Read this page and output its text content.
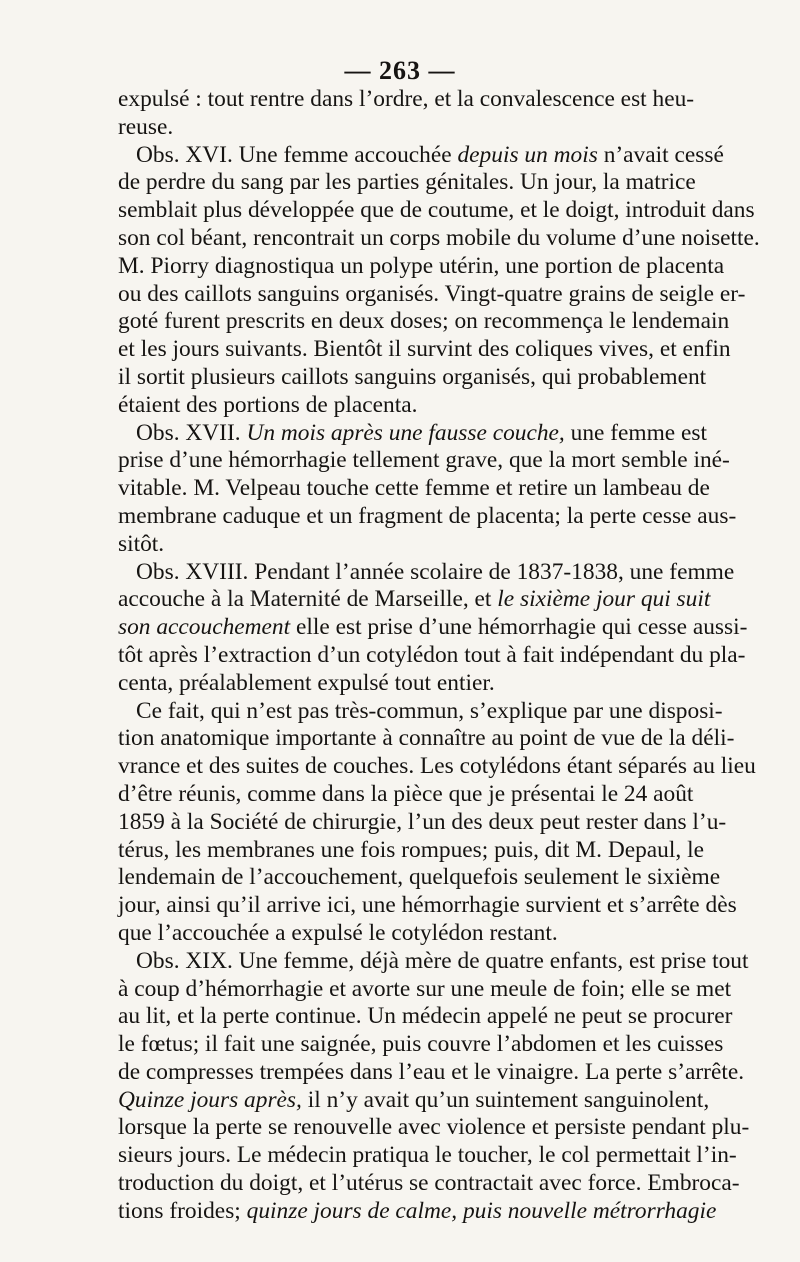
— 263 —
expulsé : tout rentre dans l’ordre, et la convalescence est heu-
reuse.
Obs. XVI. Une femme accouchée depuis un mois n’avait cessé
de perdre du sang par les parties génitales. Un jour, la matrice
semblait plus développée que de coutume, et le doigt, introduit dans
son col béant, rencontrait un corps mobile du volume d’une noisette.
M. Piorry diagnostiqua un polype utérin, une portion de placenta
ou des caillots sanguins organisés. Vingt-quatre grains de seigle er-
goté furent prescrits en deux doses; on recommença le lendemain
et les jours suivants. Bientôt il survint des coliques vives, et enfin
il sortit plusieurs caillots sanguins organisés, qui probablement
étaient des portions de placenta.
Obs. XVII. Un mois après une fausse couche, une femme est
prise d’une hémorrhagie tellement grave, que la mort semble iné-
vitable. M. Velpeau touche cette femme et retire un lambeau de
membrane caduque et un fragment de placenta; la perte cesse aus-
sitôt.
Obs. XVIII. Pendant l’année scolaire de 1837-1838, une femme
accouche à la Maternité de Marseille, et le sixième jour qui suit
son accouchement elle est prise d’une hémorrhagie qui cesse aussi-
tôt après l’extraction d’un cotylédon tout à fait indépendant du pla-
centa, préalablement expulsé tout entier.
Ce fait, qui n’est pas très-commun, s’explique par une disposi-
tion anatomique importante à connaître au point de vue de la déli-
vrance et des suites de couches. Les cotylédons étant séparés au lieu
d’être réunis, comme dans la pièce que je présentai le 24 août
1859 à la Société de chirurgie, l’un des deux peut rester dans l’u-
térus, les membranes une fois rompues; puis, dit M. Depaul, le
lendemain de l’accouchement, quelquefois seulement le sixième
jour, ainsi qu’il arrive ici, une hémorrhagie survient et s’arrête dès
que l’accouchée a expulsé le cotylédon restant.
Obs. XIX. Une femme, déjà mère de quatre enfants, est prise tout
à coup d’hémorrhagie et avorte sur une meule de foin; elle se met
au lit, et la perte continue. Un médecin appelé ne peut se procurer
le fœtus; il fait une saignée, puis couvre l’abdomen et les cuisses
de compresses trempées dans l’eau et le vinaigre. La perte s’arrête.
Quinze jours après, il n’y avait qu’un suintement sanguinolent,
lorsque la perte se renouvelle avec violence et persiste pendant plu-
sieurs jours. Le médecin pratiqua le toucher, le col permettait l’in-
troduction du doigt, et l’utérus se contractait avec force. Embroca-
tions froides; quinze jours de calme, puis nouvelle métrorrhagie
